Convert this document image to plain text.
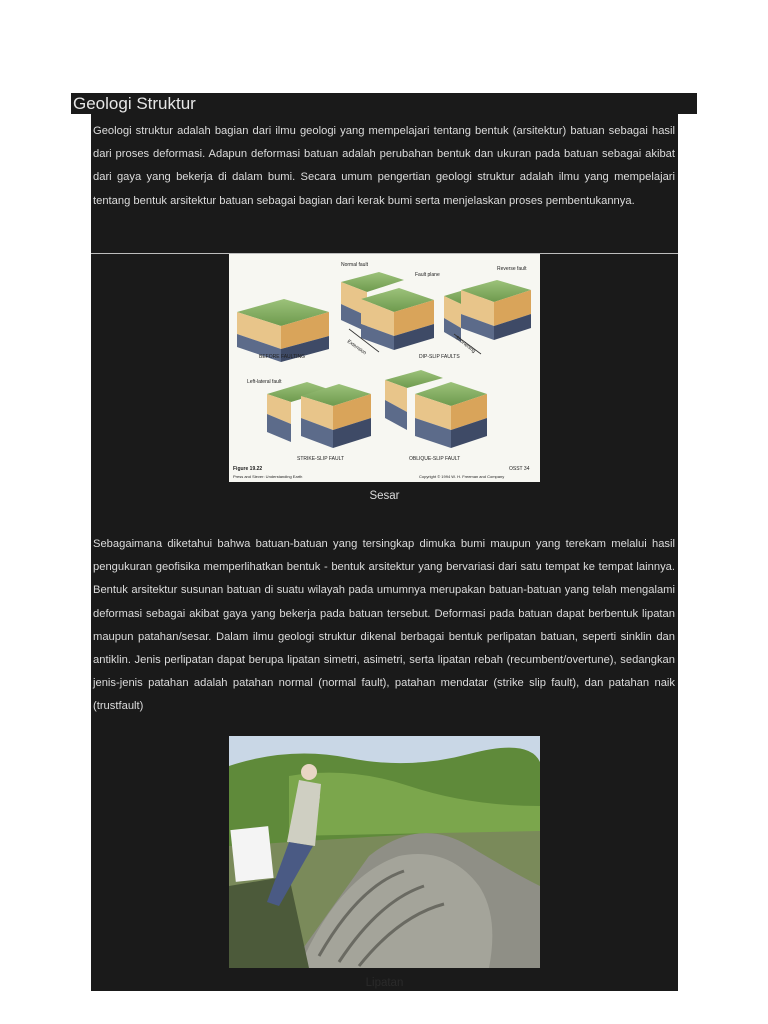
Geologi Struktur

Geologi struktur adalah bagian dari ilmu geologi yang mempelajari tentang bentuk (arsitektur) batuan sebagai hasil dari proses deformasi. Adapun deformasi batuan adalah perubahan bentuk dan ukuran pada batuan sebagai akibat dari gaya yang bekerja di dalam bumi. Secara umum pengertian geologi struktur adalah ilmu yang mempelajari tentang bentuk arsitektur batuan sebagai bagian dari kerak bumi serta menjelaskan proses pembentukannya.

Normal fault
Fault plane
Reverse fault
Extension	Shortening
BEFORE FAULTING	DIP-SLIP FAULTS
Left-lateral fault
STRIKE-SLIP FAULT	OBLIQUE-SLIP FAULT
Figure 19.22	OSST 34
Press and Siever: Understanding Earth	Copyright © 1994 W. H. Freeman and Company
Sesar

Sebagaimana diketahui bahwa batuan-batuan yang tersingkap dimuka bumi maupun yang terekam melalui hasil pengukuran geofisika memperlihatkan bentuk - bentuk arsitektur yang bervariasi dari satu tempat ke tempat lainnya. Bentuk arsitektur susunan batuan di suatu wilayah pada umumnya merupakan batuan-batuan yang telah mengalami deformasi sebagai akibat gaya yang bekerja pada batuan tersebut. Deformasi pada batuan dapat berbentuk lipatan maupun patahan/sesar. Dalam ilmu geologi struktur dikenal berbagai bentuk perlipatan batuan, seperti sinklin dan antiklin. Jenis perlipatan dapat berupa lipatan simetri, asimetri, serta lipatan rebah (recumbent/overtune), sedangkan jenis-jenis patahan adalah patahan normal (normal fault), patahan mendatar (strike slip fault), dan patahan naik (trustfault)

Lipatan
